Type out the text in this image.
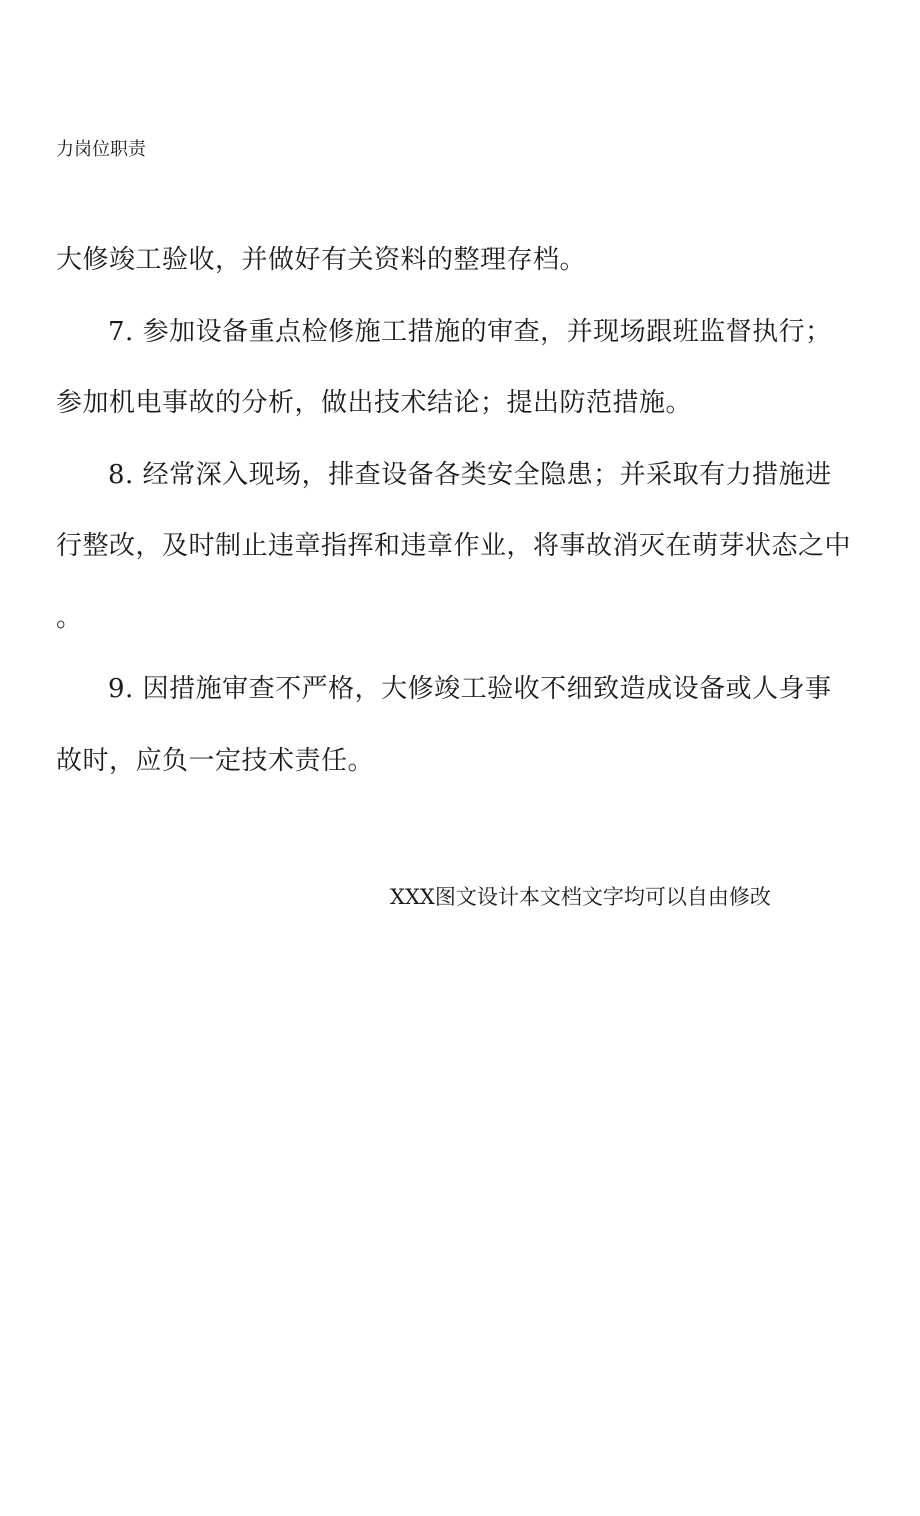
力岗位职责
大修竣工验收，并做好有关资料的整理存档。
7. 参加设备重点检修施工措施的审查，并现场跟班监督执行；
参加机电事故的分析，做出技术结论；提出防范措施。
8. 经常深入现场，排查设备各类安全隐患；并采取有力措施进
行整改，及时制止违章指挥和违章作业，将事故消灭在萌芽状态之中
。
9. 因措施审查不严格，大修竣工验收不细致造成设备或人身事
故时，应负一定技术责任。
XXX图文设计本文档文字均可以自由修改
